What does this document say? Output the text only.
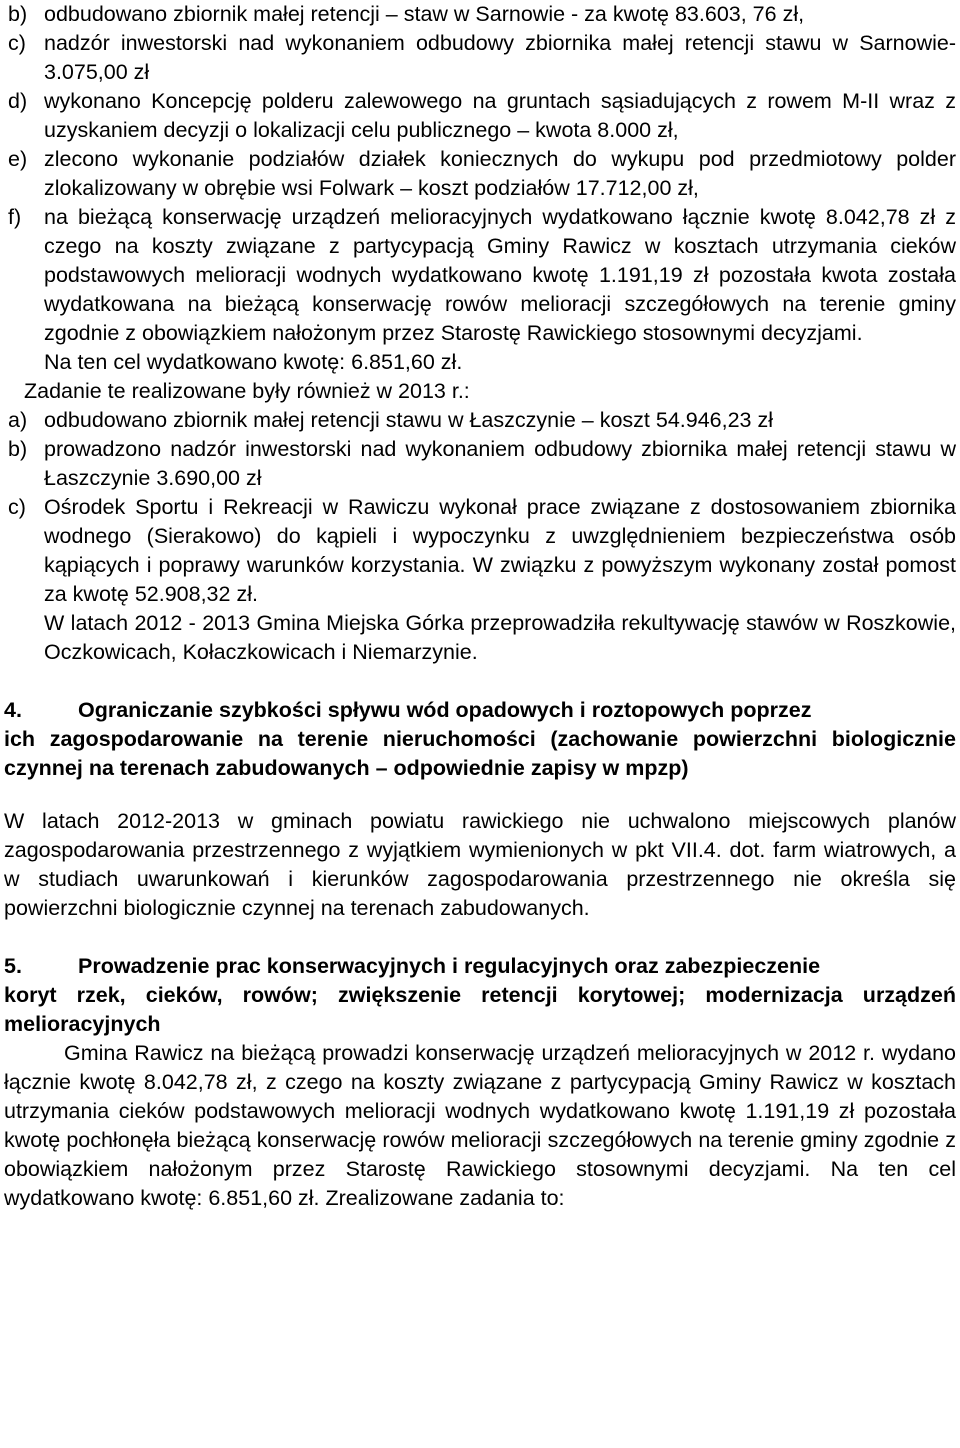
b) odbudowano zbiornik małej retencji – staw w Sarnowie - za kwotę 83.603, 76 zł,
c) nadzór inwestorski nad wykonaniem odbudowy zbiornika małej retencji stawu w Sarnowie- 3.075,00 zł
d) wykonano Koncepcję polderu zalewowego na gruntach sąsiadujących z rowem M-II wraz z uzyskaniem decyzji o lokalizacji celu publicznego – kwota 8.000 zł,
e) zlecono wykonanie podziałów działek koniecznych do wykupu pod przedmiotowy polder zlokalizowany w obrębie wsi Folwark – koszt podziałów 17.712,00 zł,
f)	na bieżącą konserwację urządzeń melioracyjnych wydatkowano łącznie kwotę 8.042,78 zł z czego na koszty związane z partycypacją Gminy Rawicz w kosztach utrzymania cieków podstawowych melioracji wodnych wydatkowano kwotę 1.191,19 zł pozostała kwota została wydatkowana na bieżącą konserwację rowów melioracji szczegółowych na terenie gminy zgodnie z obowiązkiem nałożonym przez Starostę Rawickiego stosownymi decyzjami.

Na ten cel wydatkowano kwotę: 6.851,60 zł.

Zadanie te realizowane były również w 2013 r.:

a) odbudowano zbiornik małej retencji stawu w Łaszczynie – koszt 54.946,23 zł
b) prowadzono nadzór inwestorski nad wykonaniem odbudowy zbiornika małej retencji stawu w Łaszczynie 3.690,00 zł
c) Ośrodek Sportu i Rekreacji w Rawiczu wykonał prace związane z dostosowaniem zbiornika wodnego (Sierakowo) do kąpieli i wypoczynku z uwzględnieniem bezpieczeństwa osób kąpiących i poprawy warunków korzystania. W związku z powyższym wykonany został pomost za kwotę 52.908,32 zł.

W latach 2012 - 2013 Gmina Miejska Górka przeprowadziła rekultywację stawów w Roszkowie, Oczkowicach, Kołaczkowicach i Niemarzynie.

4.	Ograniczanie szybkości spływu wód opadowych i roztopowych poprzez

ich zagospodarowanie na terenie nieruchomości (zachowanie powierzchni biologicznie czynnej na terenach zabudowanych – odpowiednie zapisy w mpzp)

W latach 2012-2013 w gminach powiatu rawickiego nie uchwalono miejscowych planów zagospodarowania przestrzennego z wyjątkiem wymienionych w pkt VII.4. dot. farm wiatrowych, a w studiach uwarunkowań i kierunków zagospodarowania przestrzennego nie określa się powierzchni biologicznie czynnej na terenach zabudowanych.

5.	Prowadzenie prac konserwacyjnych i regulacyjnych oraz zabezpieczenie

koryt rzek, cieków, rowów; zwiększenie retencji korytowej; modernizacja urządzeń melioracyjnych

Gmina Rawicz na bieżącą prowadzi konserwację urządzeń melioracyjnych w 2012 r. wydano łącznie kwotę 8.042,78 zł, z czego na koszty związane z partycypacją Gminy Rawicz w kosztach utrzymania cieków podstawowych melioracji wodnych wydatkowano kwotę 1.191,19 zł pozostała kwotę pochłonęła bieżącą konserwację rowów melioracji szczegółowych na terenie gminy zgodnie z obowiązkiem nałożonym przez Starostę Rawickiego stosownymi decyzjami. Na ten cel wydatkowano kwotę: 6.851,60 zł. Zrealizowane zadania to:
